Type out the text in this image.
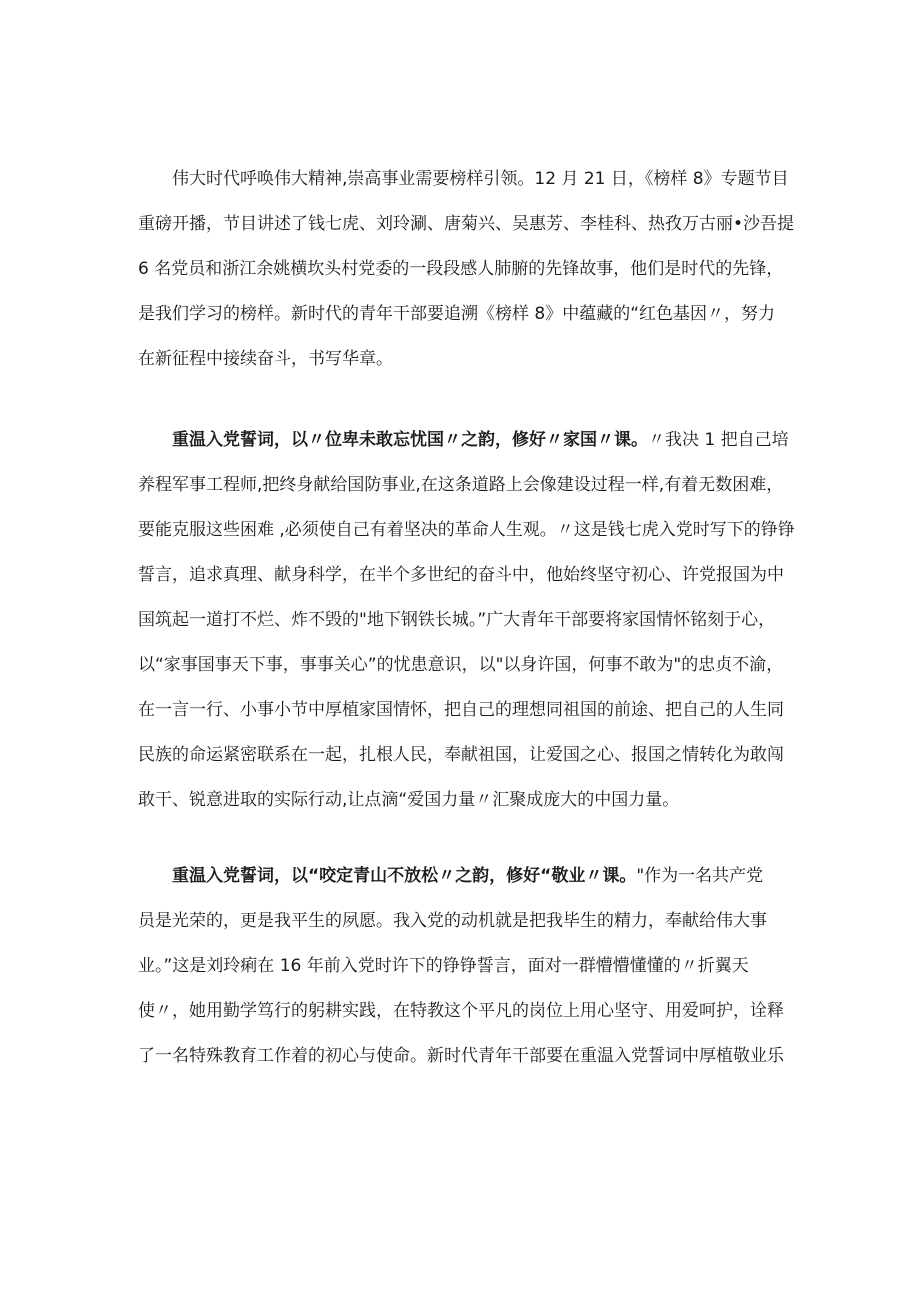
伟大时代呼唤伟大精神,崇高事业需要榜样引领。12 月 21 日，《榜样 8》专题节目
重磅开播，节目讲述了钱七虎、刘玲涮、唐菊兴、吴惠芳、李桂科、热孜万古丽•沙吾提
6 名党员和浙江余姚横坎头村党委的一段段感人肺腑的先锋故事，他们是时代的先锋，
是我们学习的榜样。新时代的青年干部要追溯《榜样 8》中蕴藏的“红色基因〃，努力
在新征程中接续奋斗，书写华章。
重温入党誓词，以〃位卑未敢忘忧国〃之韵，修好〃家国〃课。〃我决 1 把自己培
养程军事工程师,把终身献给国防事业,在这条道路上会像建设过程一样,有着无数困难，
要能克服这些困难 ,必须使自己有着坚决的革命人生观。〃这是钱七虎入党时写下的铮铮
誓言，追求真理、献身科学，在半个多世纪的奋斗中，他始终坚守初心、许党报国为中
国筑起一道打不烂、炸不毁的"地下钢铁长城。”广大青年干部要将家国情怀铭刻于心，
以“家事国事天下事，事事关心”的忧患意识，以"以身许国，何事不敢为"的忠贞不渝，
在一言一行、小事小节中厚植家国情怀，把自己的理想同祖国的前途、把自己的人生同
民族的命运紧密联系在一起，扎根人民，奉献祖国，让爱国之心、报国之情转化为敢闯
敢干、锐意进取的实际行动,让点滴“爱国力量〃汇聚成庞大的中国力量。
重温入党誓词，以“咬定青山不放松〃之韵，修好“敬业〃课。"作为一名共产党
员是光荣的，更是我平生的夙愿。我入党的动机就是把我毕生的精力，奉献给伟大事
业。”这是刘玲痢在 16 年前入党时许下的铮铮誓言，面对一群懵懵懂懂的〃折翼天
使〃，她用勤学笃行的躬耕实践，在特教这个平凡的岗位上用心坚守、用爱呵护，诠释
了一名特殊教育工作着的初心与使命。新时代青年干部要在重温入党誓词中厚植敬业乐
